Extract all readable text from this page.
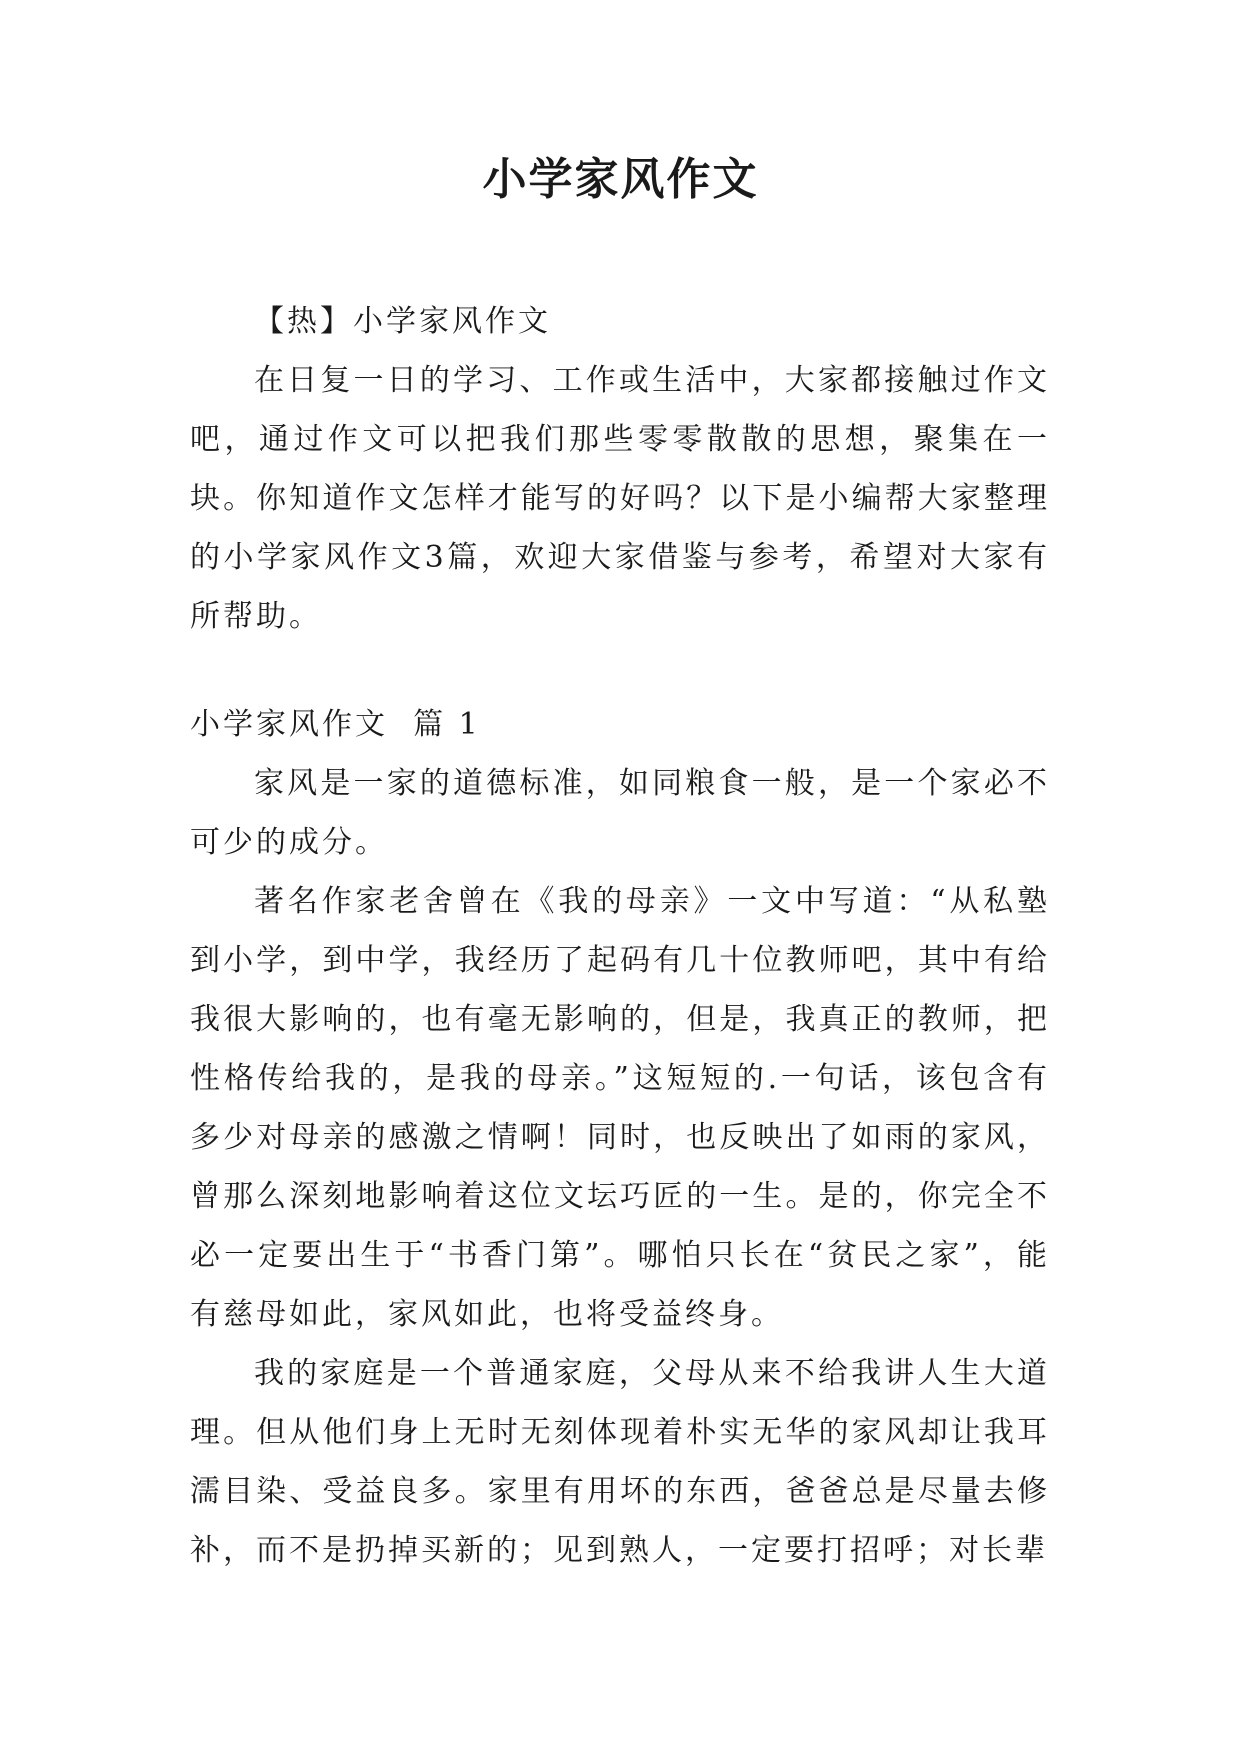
小学家风作文

【热】小学家风作文

在日复一日的学习、工作或生活中，大家都接触过作文吧，通过作文可以把我们那些零零散散的思想，聚集在一块。你知道作文怎样才能写的好吗？以下是小编帮大家整理的小学家风作文3篇，欢迎大家借鉴与参考，希望对大家有所帮助。

小学家风作文  篇 1

家风是一家的道德标准，如同粮食一般，是一个家必不可少的成分。

著名作家老舍曾在《我的母亲》一文中写道：“从私塾到小学，到中学，我经历了起码有几十位教师吧，其中有给我很大影响的，也有毫无影响的，但是，我真正的教师，把性格传给我的，是我的母亲。”这短短的.一句话，该包含有多少对母亲的感激之情啊！同时，也反映出了如雨的家风，曾那么深刻地影响着这位文坛巧匠的一生。是的，你完全不必一定要出生于“书香门第”。哪怕只长在“贫民之家”，能有慈母如此，家风如此，也将受益终身。

我的家庭是一个普通家庭，父母从来不给我讲人生大道理。但从他们身上无时无刻体现着朴实无华的家风却让我耳濡目染、受益良多。家里有用坏的东西，爸爸总是尽量去修补，而不是扔掉买新的；见到熟人，一定要打招呼；对长辈
